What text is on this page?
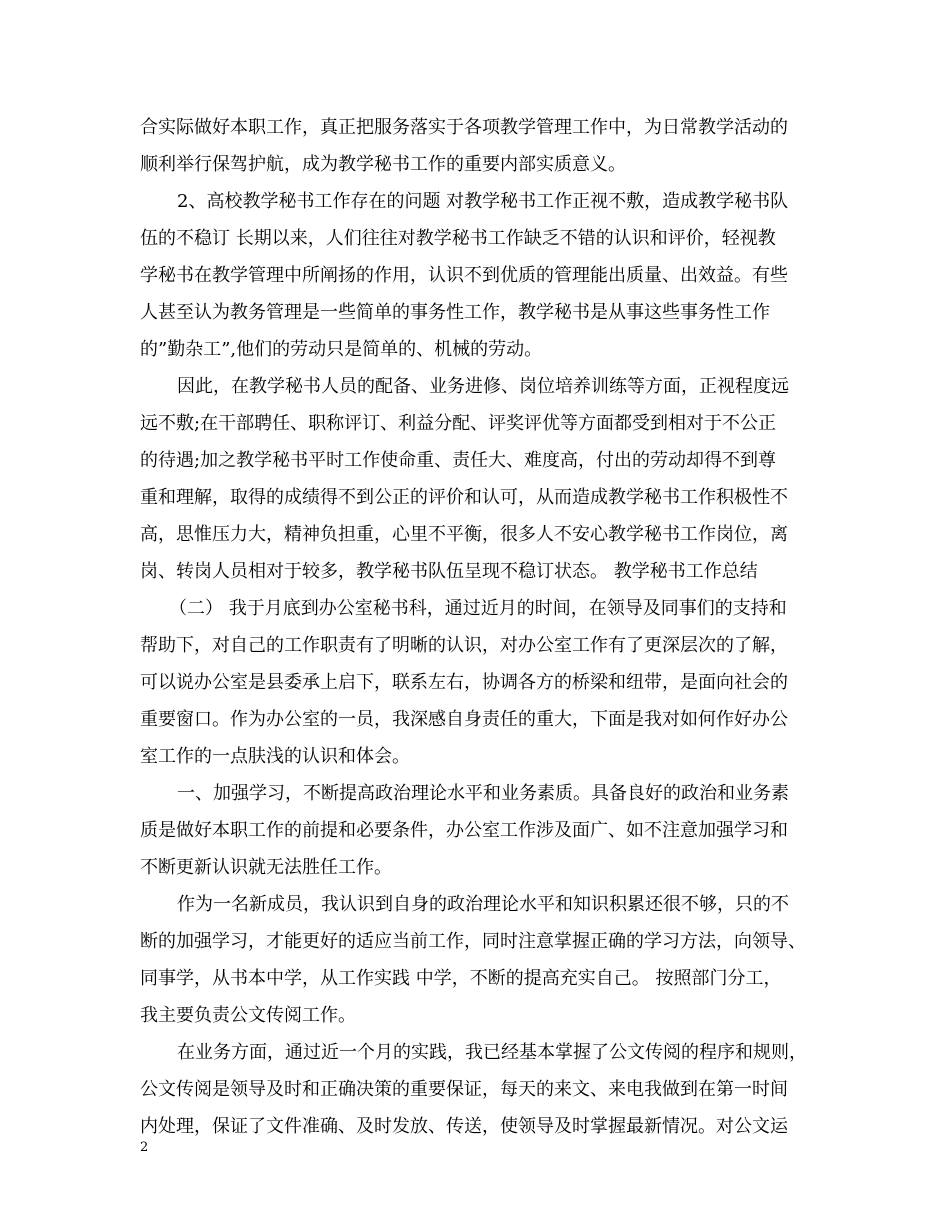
合实际做好本职工作，真正把服务落实于各项教学管理工作中，为日常教学活动的
顺利举行保驾护航，成为教学秘书工作的重要内部实质意义。
2、高校教学秘书工作存在的问题 对教学秘书工作正视不敷，造成教学秘书队
伍的不稳订 长期以来，人们往往对教学秘书工作缺乏不错的认识和评价，轻视教
学秘书在教学管理中所阐扬的作用，认识不到优质的管理能出质量、出效益。有些
人甚至认为教务管理是一些简单的事务性工作，教学秘书是从事这些事务性工作
的”勤杂工”,他们的劳动只是简单的、机械的劳动。
因此，在教学秘书人员的配备、业务进修、岗位培养训练等方面，正视程度远
远不敷;在干部聘任、职称评订、利益分配、评奖评优等方面都受到相对于不公正
的待遇;加之教学秘书平时工作使命重、责任大、难度高，付出的劳动却得不到尊
重和理解，取得的成绩得不到公正的评价和认可，从而造成教学秘书工作积极性不
高，思惟压力大，精神负担重，心里不平衡，很多人不安心教学秘书工作岗位，离
岗、转岗人员相对于较多，教学秘书队伍呈现不稳订状态。 教学秘书工作总结
（二） 我于月底到办公室秘书科，通过近月的时间，在领导及同事们的支持和
帮助下，对自己的工作职责有了明晰的认识，对办公室工作有了更深层次的了解，
可以说办公室是县委承上启下，联系左右，协调各方的桥梁和纽带，是面向社会的
重要窗口。作为办公室的一员，我深感自身责任的重大，下面是我对如何作好办公
室工作的一点肤浅的认识和体会。
一、加强学习，不断提高政治理论水平和业务素质。具备良好的政治和业务素
质是做好本职工作的前提和必要条件，办公室工作涉及面广、如不注意加强学习和
不断更新认识就无法胜任工作。
作为一名新成员，我认识到自身的政治理论水平和知识积累还很不够，只的不
断的加强学习，才能更好的适应当前工作，同时注意掌握正确的学习方法，向领导、
同事学，从书本中学，从工作实践 中学，不断的提高充实自己。 按照部门分工，
我主要负责公文传阅工作。
在业务方面，通过近一个月的实践，我已经基本掌握了公文传阅的程序和规则，
公文传阅是领导及时和正确决策的重要保证，每天的来文、来电我做到在第一时间
内处理，保证了文件准确、及时发放、传送，使领导及时掌握最新情况。对公文运
2
